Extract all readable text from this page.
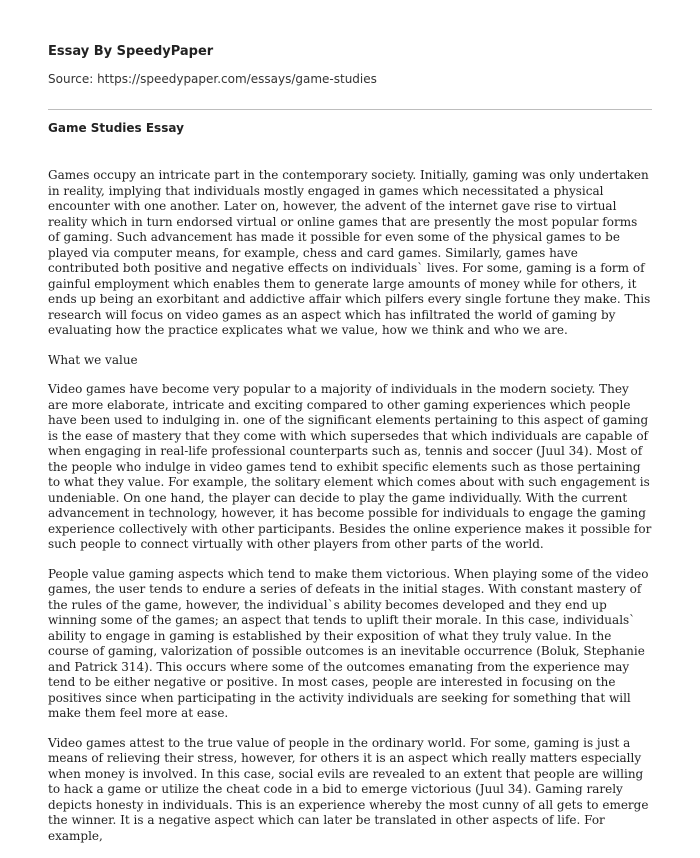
Essay By SpeedyPaper
Source: https://speedypaper.com/essays/game-studies
Game Studies Essay

Games occupy an intricate part in the contemporary society. Initially, gaming was only undertaken in reality, implying that individuals mostly engaged in games which necessitated a physical encounter with one another. Later on, however, the advent of the internet gave rise to virtual reality which in turn endorsed virtual or online games that are presently the most popular forms of gaming. Such advancement has made it possible for even some of the physical games to be played via computer means, for example, chess and card games. Similarly, games have contributed both positive and negative effects on individuals` lives. For some, gaming is a form of gainful employment which enables them to generate large amounts of money while for others, it ends up being an exorbitant and addictive affair which pilfers every single fortune they make. This research will focus on video games as an aspect which has infiltrated the world of gaming by evaluating how the practice explicates what we value, how we think and who we are.

What we value

Video games have become very popular to a majority of individuals in the modern society. They are more elaborate, intricate and exciting compared to other gaming experiences which people have been used to indulging in. one of the significant elements pertaining to this aspect of gaming is the ease of mastery that they come with which supersedes that which individuals are capable of when engaging in real-life professional counterparts such as, tennis and soccer (Juul 34). Most of the people who indulge in video games tend to exhibit specific elements such as those pertaining to what they value. For example, the solitary element which comes about with such engagement is undeniable. On one hand, the player can decide to play the game individually. With the current advancement in technology, however, it has become possible for individuals to engage the gaming experience collectively with other participants. Besides the online experience makes it possible for such people to connect virtually with other players from other parts of the world.

People value gaming aspects which tend to make them victorious. When playing some of the video games, the user tends to endure a series of defeats in the initial stages. With constant mastery of the rules of the game, however, the individual`s ability becomes developed and they end up winning some of the games; an aspect that tends to uplift their morale. In this case, individuals` ability to engage in gaming is established by their exposition of what they truly value. In the course of gaming, valorization of possible outcomes is an inevitable occurrence (Boluk, Stephanie and Patrick 314). This occurs where some of the outcomes emanating from the experience may tend to be either negative or positive. In most cases, people are interested in focusing on the positives since when participating in the activity individuals are seeking for something that will make them feel more at ease.

Video games attest to the true value of people in the ordinary world. For some, gaming is just a means of relieving their stress, however, for others it is an aspect which really matters especially when money is involved. In this case, social evils are revealed to an extent that people are willing to hack a game or utilize the cheat code in a bid to emerge victorious (Juul 34). Gaming rarely depicts honesty in individuals. This is an experience whereby the most cunny of all gets to emerge the winner. It is a negative aspect which can later be translated in other aspects of life. For example,
